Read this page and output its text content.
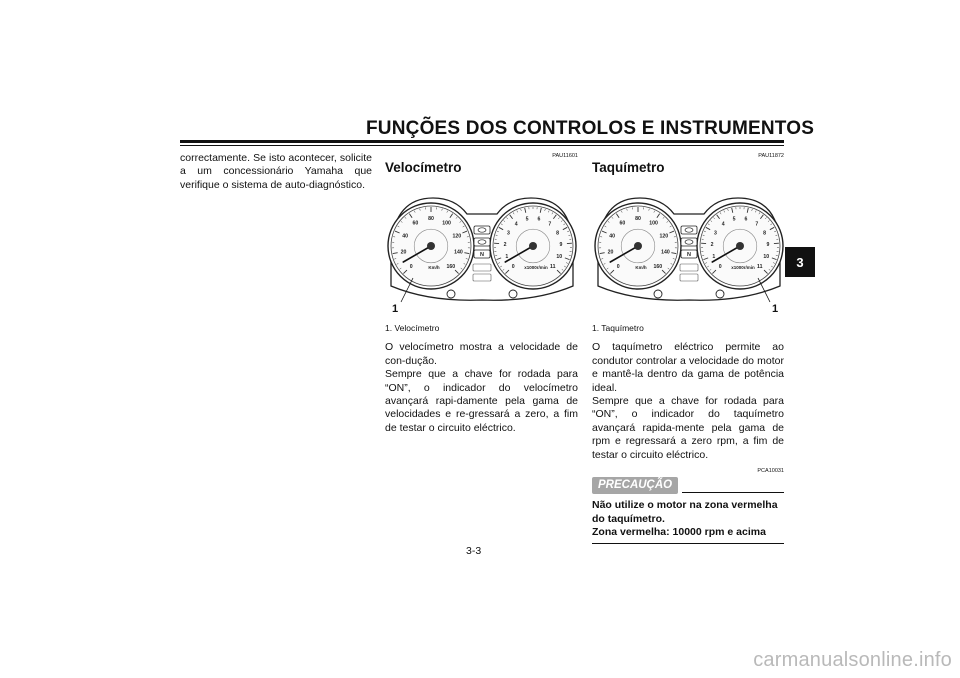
FUNÇÕES DOS CONTROLOS E INSTRUMENTOS
3
correctamente. Se isto acontecer, solicite a um concessionário Yamaha que verifique o sistema de auto-diagnóstico.
PAU11601
Velocímetro
0
20
40
60
80
100
120
140
160
Km/h	0
1
2
3
4
5 6
7
8
9
10
11
x1000r/min
N
1
1. Velocímetro

O velocímetro mostra a velocidade de con-dução.

Sempre que a chave for rodada para “ON”, o indicador do velocímetro avançará rapi-damente pela gama de velocidades e re-gressará a zero, a fim de testar o circuito eléctrico.

PAU11872
Taquímetro
0
20
40
60
80
100
120
140
160
Km/h	0
1
2
3
4
5 6
7
8
9
10
11
x1000r/min
N
1
1. Taquímetro

O taquímetro eléctrico permite ao condutor controlar a velocidade do motor e mantê-la dentro da gama de potência ideal.

Sempre que a chave for rodada para “ON”, o indicador do taquímetro avançará rapida-mente pela gama de rpm e regressará a zero rpm, a fim de testar o circuito eléctrico.

PCA10031
PRECAUÇÃO

Não utilize o motor na zona vermelha do taquímetro.

Zona vermelha: 10000 rpm e acima

3-3
carmanualsonline.info
